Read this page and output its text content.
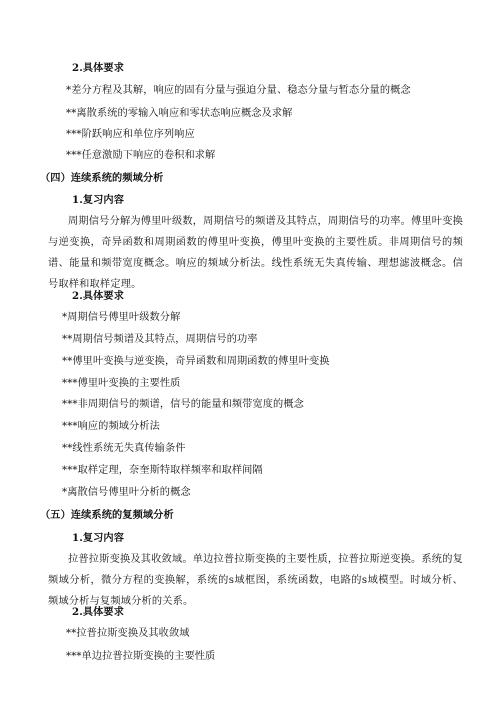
2.具体要求
*差分方程及其解，响应的固有分量与强迫分量、稳态分量与暂态分量的概念
**离散系统的零输入响应和零状态响应概念及求解
***阶跃响应和单位序列响应
***任意激励下响应的卷积和求解
（四）连续系统的频域分析
1.复习内容
周期信号分解为傅里叶级数，周期信号的频谱及其特点，周期信号的功率。傅里叶变换与逆变换，奇异函数和周期函数的傅里叶变换，傅里叶变换的主要性质。非周期信号的频谱、能量和频带宽度概念。响应的频域分析法。线性系统无失真传输、理想滤波概念。信号取样和取样定理。
2.具体要求
*周期信号傅里叶级数分解
**周期信号频谱及其特点，周期信号的功率
**傅里叶变换与逆变换，奇异函数和周期函数的傅里叶变换
***傅里叶变换的主要性质
***非周期信号的频谱，信号的能量和频带宽度的概念
***响应的频域分析法
**线性系统无失真传输条件
***取样定理，奈奎斯特取样频率和取样间隔
*离散信号傅里叶分析的概念
（五）连续系统的复频域分析
1.复习内容
拉普拉斯变换及其收敛域。单边拉普拉斯变换的主要性质，拉普拉斯逆变换。系统的复频域分析，微分方程的变换解，系统的s域框图，系统函数，电路的s域模型。时域分析、频域分析与复频域分析的关系。
2.具体要求
**拉普拉斯变换及其收敛域
***单边拉普拉斯变换的主要性质
